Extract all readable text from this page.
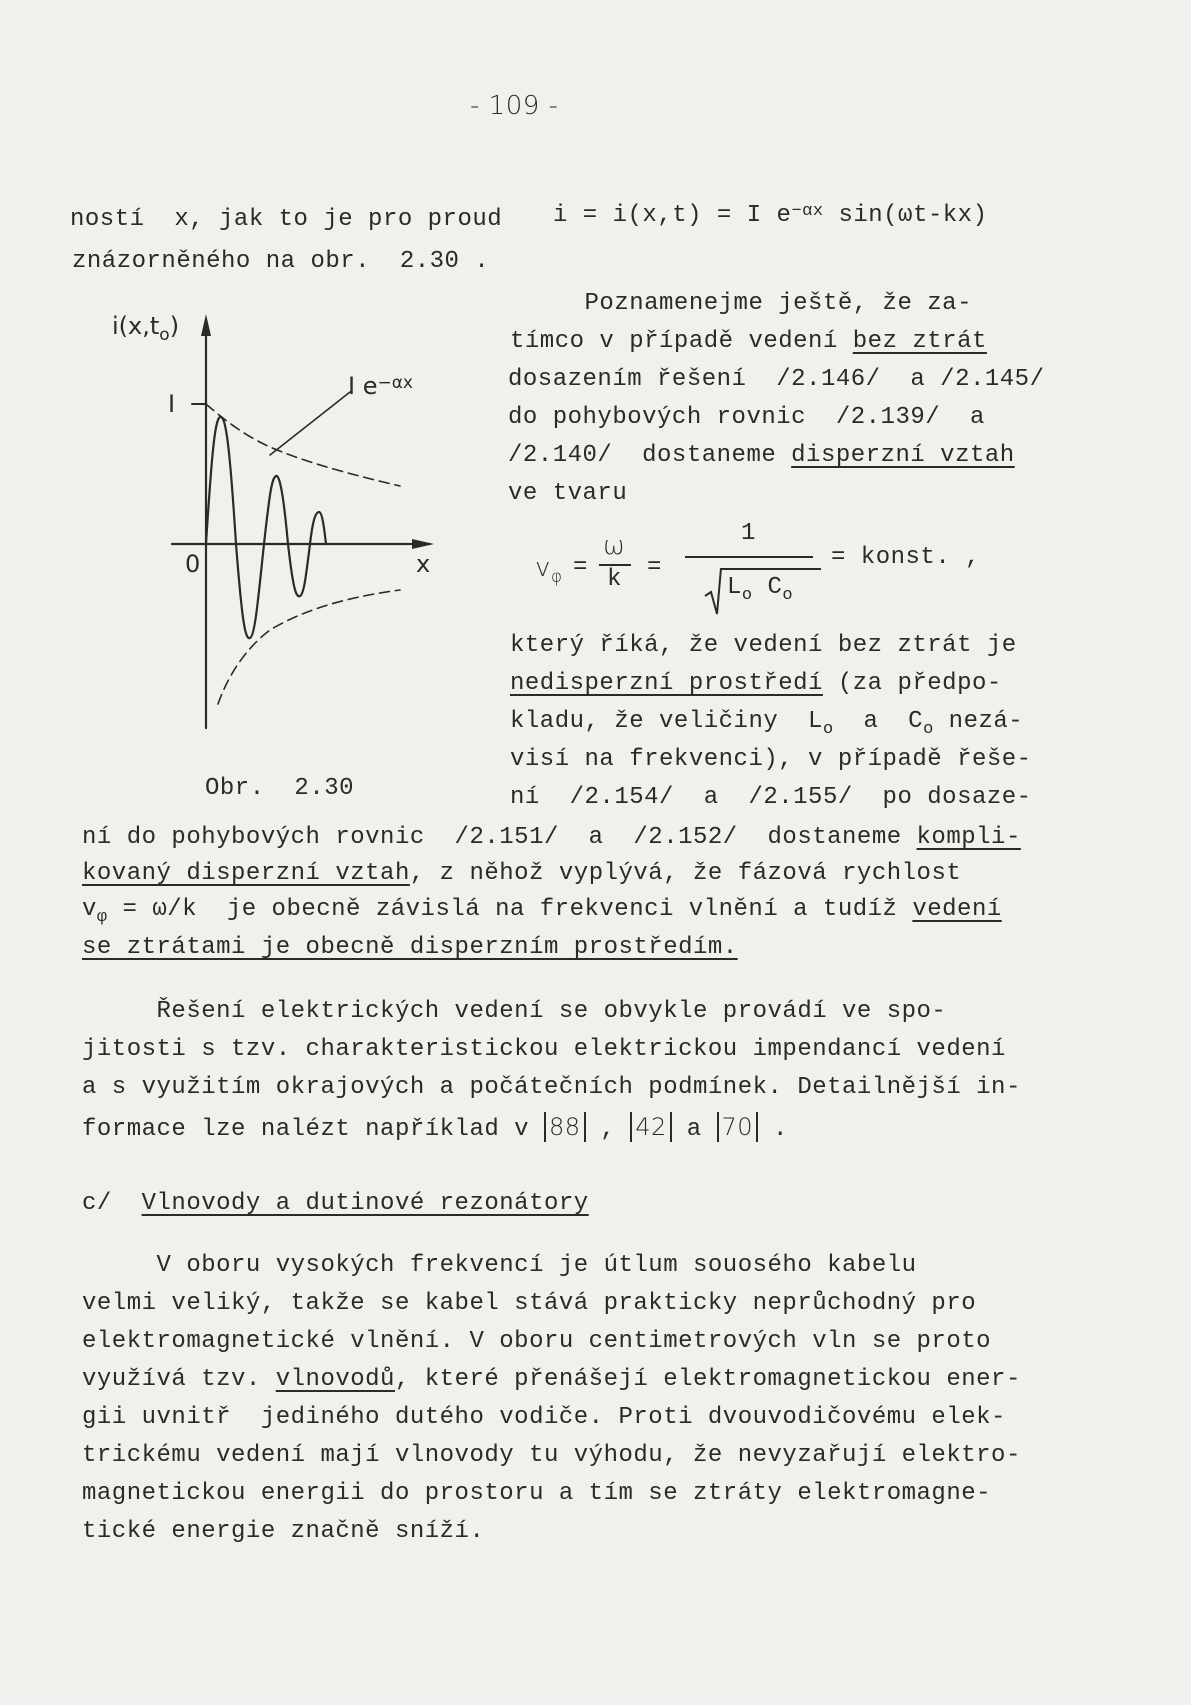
- 109 -
ností  x, jak to je pro proud i = i(x,t) = I $e^{-\alpha x}$ sin(ωt-kx)
znázorněného na obr.  2.30 .
$i(x,t_o)$
I
I $e^{-\alpha x}$
0	x
Obr.  2.30
Poznamenejme ještě, že za-
tímco v případě vedení bez ztrát
dosazením řešení  /2.146/  a /2.145/
do pohybových rovnic  /2.139/  a
/2.140/  dostaneme disperzní vztah
ve tvaru
$v_\varphi$ =
ω
k =
1
$L_o$ $C_o$
= konst. ,
který říká, že vedení bez ztrát je
nedisperzní prostředí (za předpo-
kladu, že veličiny  $L_o$  a  $C_o$ nezá-
visí na frekvenci), v případě řeše-
ní  /2.154/  a  /2.155/  po dosaze-
ní do pohybových rovnic  /2.151/  a  /2.152/  dostaneme kompli-
kovaný disperzní vztah, z něhož vyplývá, že fázová rychlost
$v_\varphi = \omega/k$  je obecně závislá na frekvenci vlnění a tudíž vedení
se ztrátami je obecně disperzním prostředím.
Řešení elektrických vedení se obvykle provádí ve spo-
jitosti s tzv. charakteristickou elektrickou impendancí vedení
a s využitím okrajových a počátečních podmínek. Detailnější in-
formace lze nalézt například v 88 , 42 a 70 .
c/  Vlnovody a dutinové rezonátory
V oboru vysokých frekvencí je útlum souosého kabelu
velmi veliký, takže se kabel stává prakticky neprůchodný pro
elektromagnetické vlnění. V oboru centimetrových vln se proto
využívá tzv. vlnovodů, které přenášejí elektromagnetickou ener-
gii uvnitř  jediného dutého vodiče. Proti dvouvodičovému elek-
trickému vedení mají vlnovody tu výhodu, že nevyzařují elektro-
magnetickou energii do prostoru a tím se ztráty elektromagne-
tické energie značně sníží.
